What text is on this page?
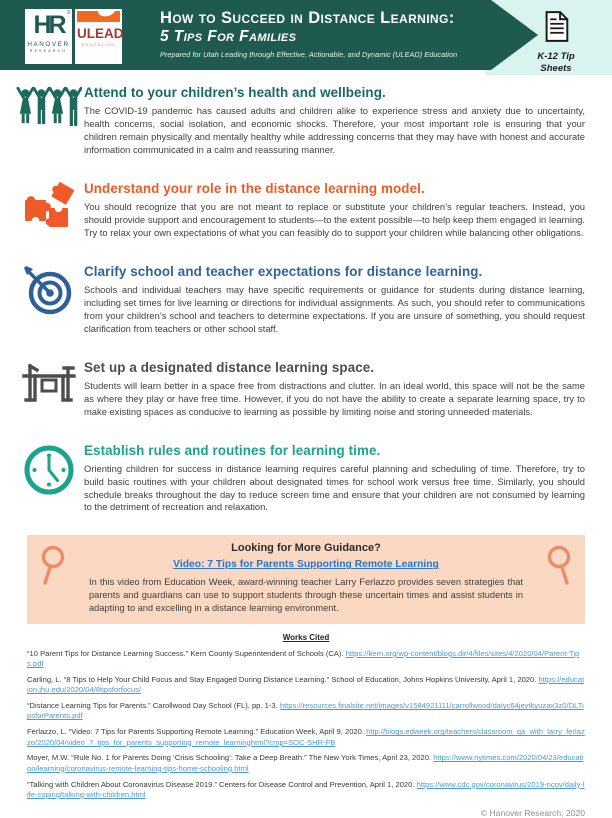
HR 3
HANOVER
RESEARCH
ULEAD
EDUCATION
How to Succeed in Distance Learning:
5 Tips For Families
Prepared for Utah Leading through Effective, Actionable, and Dynamic (ULEAD) Education	K-12 Tip
Sheets
Attend to your children’s health and wellbeing.
The COVID-19 pandemic has caused adults and children alike to experience stress and anxiety due to uncertainty, health concerns, social isolation, and economic shocks. Therefore, your most important role is ensuring that your children remain physically and mentally healthy while addressing concerns that they may have with honest and accurate information communicated in a calm and reassuring manner.
Understand your role in the distance learning model.
You should recognize that you are not meant to replace or substitute your children’s regular teachers. Instead, you should provide support and encouragement to students—to the extent possible—to help keep them engaged in learning. Try to relax your own expectations of what you can feasibly do to support your children while balancing other obligations.
Clarify school and teacher expectations for distance learning.
Schools and individual teachers may have specific requirements or guidance for students during distance learning, including set times for live learning or directions for individual assignments. As such, you should refer to communications from your children’s school and teachers to determine expectations. If you are unsure of something, you should request clarification from teachers or other school staff.
Set up a designated distance learning space.
Students will learn better in a space free from distractions and clutter. In an ideal world, this space will not be the same as where they play or have free time. However, if you do not have the ability to create a separate learning space, try to make existing spaces as conducive to learning as possible by limiting noise and storing unneeded materials.
Establish rules and routines for learning time.
Orienting children for success in distance learning requires careful planning and scheduling of time. Therefore, try to build basic routines with your children about designated times for school work versus free time. Similarly, you should schedule breaks throughout the day to reduce screen time and ensure that your children are not consumed by learning to the detriment of recreation and relaxation.
Looking for More Guidance?
Video: 7 Tips for Parents Supporting Remote Learning
In this video from Education Week, award-winning teacher Larry Ferlazzo provides seven strategies that parents and guardians can use to support students through these uncertain times and assist students in adapting to and excelling in a distance learning environment.
Works Cited
“10 Parent Tips for Distance Learning Success.” Kern County Superintendent of Schools (CA). https://kern.org/wp-content/blogs.dir/4/files/sites/4/2020/04/Parent-Tips.pdf
Carling, L. “8 Tips to Help Your Child Focus and Stay Engaged During Distance Learning.” School of Education, Johns Hopkins University, April 1, 2020. https://education.jhu.edu/2020/04/8tipsforfocus/
“Distance Learning Tips for Parents.” Carollwood Day School (FL). pp. 1-3. https://resources.finalsite.net/images/v1584921111/carrollwood/daiyc64jevtkyuzax3z0/DLTipsforParents.pdf
Ferlazzo, L. “Video: 7 Tips for Parents Supporting Remote Learning.” Education Week, April 9, 2020. http://blogs.edweek.org/teachers/classroom_qa_with_larry_ferlazzo/2020/04/video_7_tips_for_parents_supporting_remote_learninghtml?cmp=SOC-SHR-FB
Moyer, M.W. “Rule No. 1 for Parents Doing ‘Crisis Schooling’: Take a Deep Breath.” The New York Times, April 23, 2020. https://www.nytimes.com/2020/04/23/education/learning/coronavirus-remote-learning-tips-home-schooling.html
“Talking with Children About Coronavirus Disease 2019.” Centers for Disease Control and Prevention, April 1, 2020. https://www.cdc.gov/coronavirus/2019-ncov/daily-life-coping/talking-with-children.html
© Hanover Research, 2020
